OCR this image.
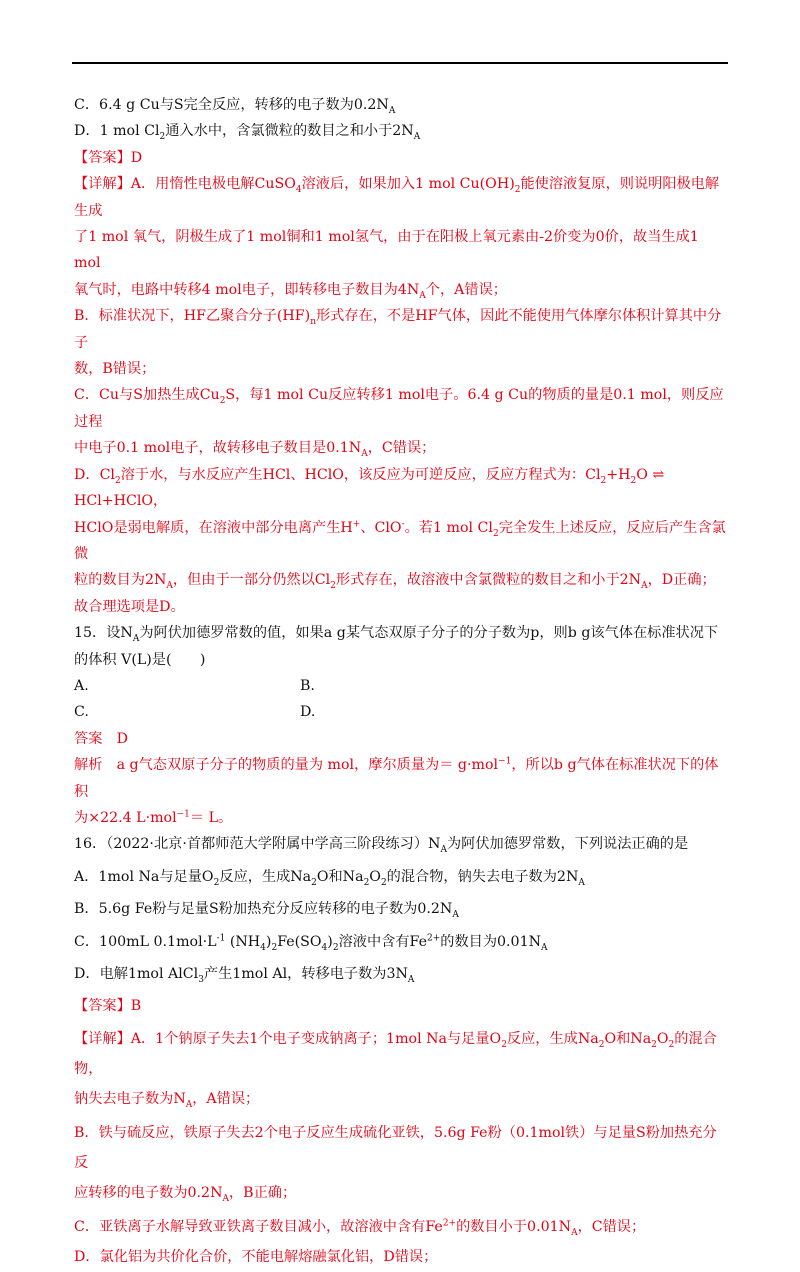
C．6.4 g Cu与S完全反应，转移的电子数为$0.2N_A$

D．1 mol $Cl_2$通入水中，含氯微粒的数目之和小于$2N_A$

【答案】D

【详解】A．用惰性电极电解CuSO$_4$溶液后，如果加入1 mol $Cu(OH)_2$能使溶液复原，则说明阳极电解生成
了1 mol 氧气，阴极生成了1 mol铜和1 mol氢气，由于在阳极上氧元素由-2价变为0价，故当生成1 mol
氧气时，电路中转移4 mol电子，即转移电子数目为$4N_A$个，A错误；

B．标准状况下，HF乙聚合分子$(HF)_n$形式存在，不是HF气体，因此不能使用气体摩尔体积计算其中分子
数，B错误；

C．Cu与S加热生成$Cu_2S$，每1 mol Cu反应转移1 mol电子。6.4 g Cu的物质的量是0.1 mol，则反应过程
中电子0.1 mol电子，故转移电子数目是$0.1N_A$，C错误；

D．$Cl_2$溶于水，与水反应产生HCl、HClO，该反应为可逆反应，反应方程式为：$Cl_2+H_2O$ ⇌ HCl+HClO，
HClO是弱电解质，在溶液中部分电离产生H+、ClO-。若1 mol $Cl_2$完全发生上述反应，反应后产生含氯微
粒的数目为$2N_A$，但由于一部分仍然以$Cl_2$形式存在，故溶液中含氯微粒的数目之和小于$2N_A$，D正确；
故合理选项是D。

15．设$N_A$为阿伏加德罗常数的值，如果a g某气态双原子分子的分子数为p，则b g该气体在标准状况下
的体积 V(L)是(　　)

A.	B.

C.	D.

答案　D

解析　a g气态双原子分子的物质的量为 mol，摩尔质量为＝ g·mol$^{-1}$，所以b g气体在标准状况下的体积
为×22.4 L·mol$^{-1}$＝ L。

16．（2022·北京·首都师范大学附属中学高三阶段练习）$N_A$为阿伏加德罗常数，下列说法正确的是

A．1mol Na与足量$O_2$反应，生成$Na_2O$和$Na_2O_2$的混合物，钠失去电子数为$2N_A$

B．5.6g Fe粉与足量S粉加热充分反应转移的电子数为$0.2N_A$

C．100mL $0.1mol\cdot L^{-1}$ $(NH_4)_2Fe(SO_4)_2$溶液中含有$Fe^{2+}$的数目为$0.01N_A$

D．电解1mol AlCl$_3$产生1mol Al，转移电子数为$3N_A$

【答案】B

【详解】A．1个钠原子失去1个电子变成钠离子；1mol Na与足量$O_2$反应，生成$Na_2O$和$Na_2O_2$的混合物，
钠失去电子数为$N_A$，A错误；

B．铁与硫反应，铁原子失去2个电子反应生成硫化亚铁，5.6g Fe粉（0.1mol铁）与足量S粉加热充分反
应转移的电子数为$0.2N_A$，B正确；

C．亚铁离子水解导致亚铁离子数目减小，故溶液中含有$Fe^{2+}$的数目小于$0.01N_A$，C错误；

D．氯化铝为共价化合价，不能电解熔融氯化铝，D错误；
